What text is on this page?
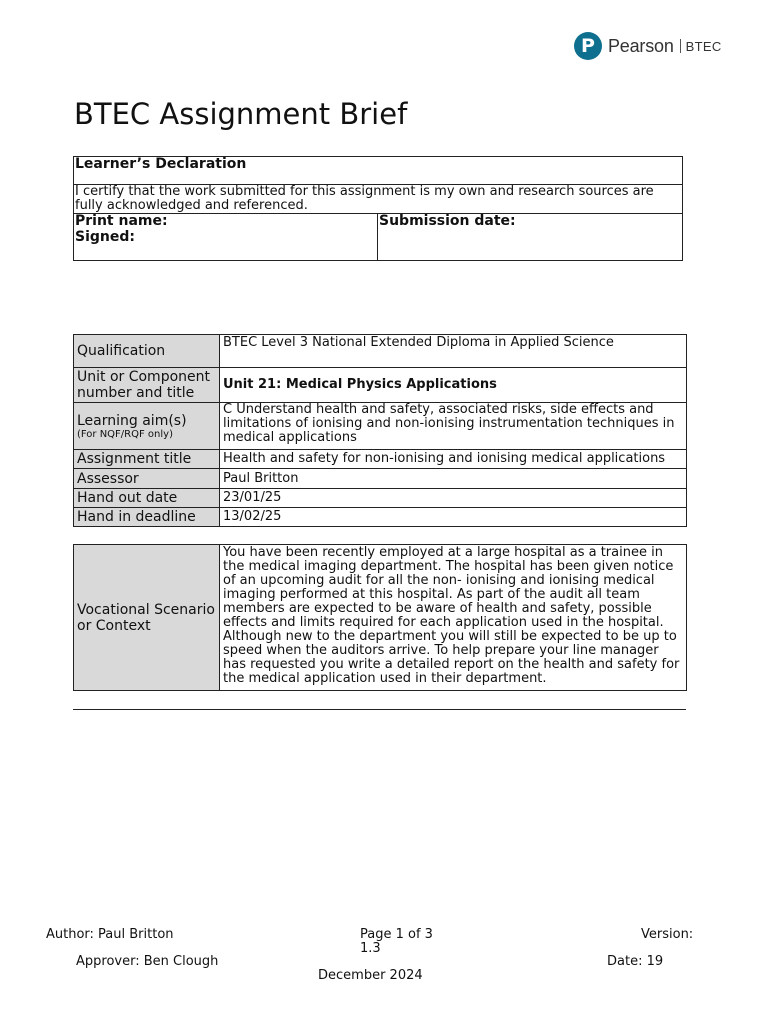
P Pearson BTEC
BTEC Assignment Brief
Learner’s Declaration
I certify that the work submitted for this assignment is my own and research sources are fully acknowledged and referenced.

Print name:
Signed:

Submission date:
Qualification	BTEC Level 3 National Extended Diploma in Applied Science
Unit or Component number and title	Unit 21: Medical Physics Applications
Learning aim(s)
(For NQF/RQF only)	C Understand health and safety, associated risks, side effects and limitations of ionising and non-ionising instrumentation techniques in medical applications
Assignment title	Health and safety for non-ionising and ionising medical applications
Assessor	Paul Britton
Hand out date	23/01/25
Hand in deadline	13/02/25
Vocational Scenario or Context	You have been recently employed at a large hospital as a trainee in the medical imaging department. The hospital has been given notice of an upcoming audit for all the non- ionising and ionising medical imaging performed at this hospital. As part of the audit all team members are expected to be aware of health and safety, possible effects and limits required for each application used in the hospital. Although new to the department you will still be expected to be up to speed when the auditors arrive. To help prepare your line manager has requested you write a detailed report on the health and safety for the medical application used in their department.
Author: Paul Britton	Page 1 of 3	Version:
1.3
Approver: Ben Clough	Date: 19
December 2024
